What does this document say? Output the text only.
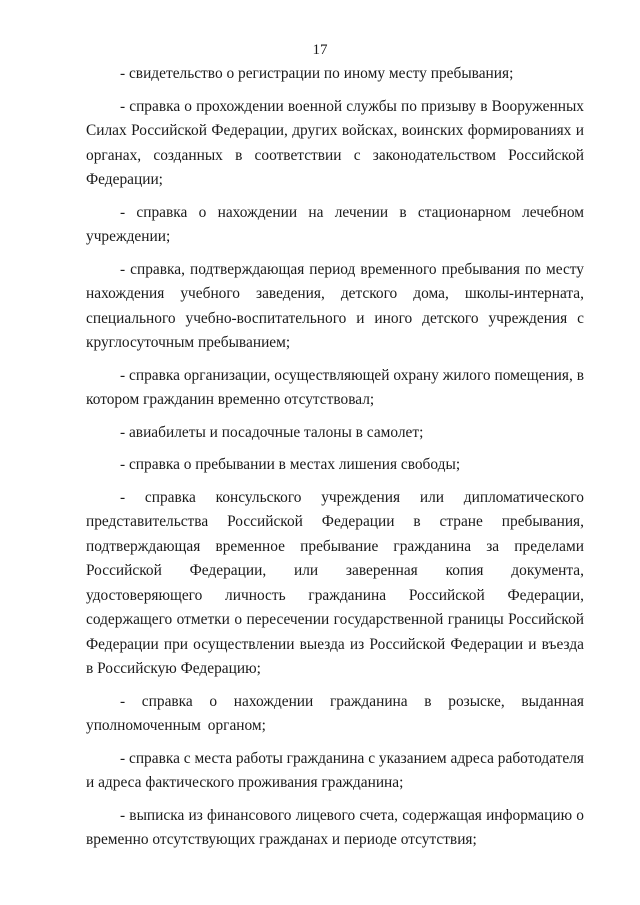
17

- свидетельство о регистрации по иному месту пребывания;

- справка о прохождении военной службы по призыву в Вооруженных Силах Российской Федерации, других войсках, воинских формированиях и органах, созданных в соответствии с законодательством Российской Федерации;

- справка о нахождении на лечении в стационарном лечебном учреждении;

- справка, подтверждающая период временного пребывания по месту нахождения учебного заведения, детского дома, школы-интерната, специального учебно-воспитательного и иного детского учреждения с круглосуточным пребыванием;

- справка организации, осуществляющей охрану жилого помещения, в котором гражданин временно отсутствовал;

- авиабилеты и посадочные талоны в самолет;

- справка о пребывании в местах лишения свободы;

- справка консульского учреждения или дипломатического представительства Российской Федерации в стране пребывания, подтверждающая временное пребывание гражданина за пределами Российской Федерации, или заверенная копия документа, удостоверяющего личность гражданина Российской Федерации, содержащего отметки о пересечении государственной границы Российской Федерации при осуществлении выезда из Российской Федерации и въезда в Российскую Федерацию;

- справка о нахождении гражданина в розыске, выданная уполномоченным органом;

- справка с места работы гражданина с указанием адреса работодателя и адреса фактического проживания гражданина;

- выписка из финансового лицевого счета, содержащая информацию о временно отсутствующих гражданах и периоде отсутствия;
